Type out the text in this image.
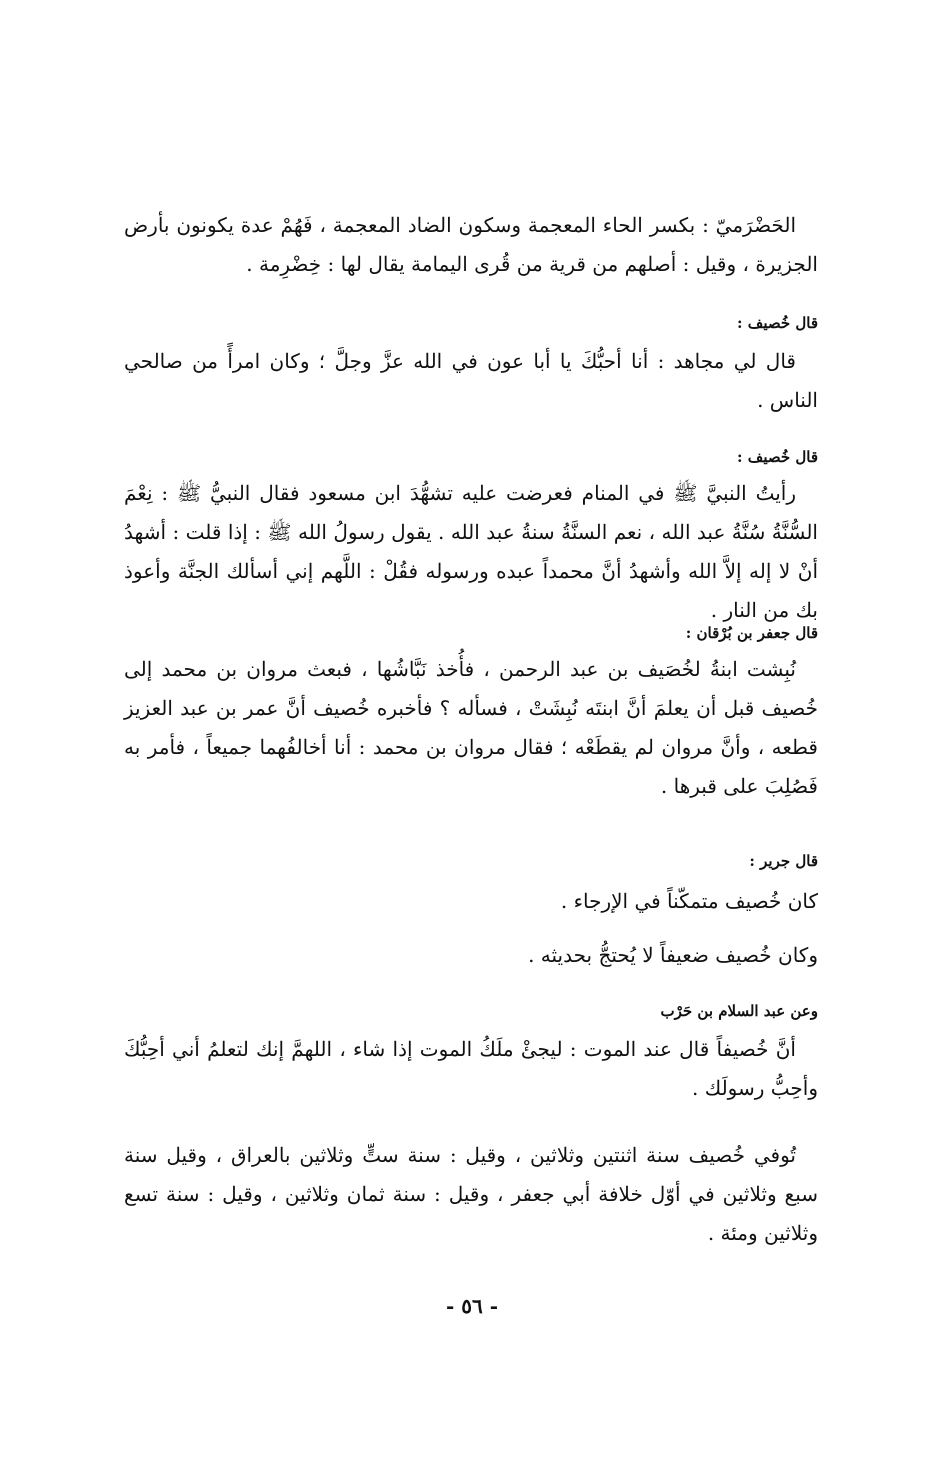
الحَضْرَميّ : بكسر الحاء المعجمة وسكون الضاد المعجمة ، فَهُمْ عدة يكونون بأرض الجزيرة ، وقيل : أصلهم من قرية من قُرى اليمامة يقال لها : خِضْرِمة .

قال خُصيف :

قال لي مجاهد : أنا أحبُّكَ يا أبا عون في الله عزَّ وجلَّ ؛ وكان امرأً من صالحي الناس .

قال خُصيف :

رأيتُ النبيَّ ﷺ في المنام فعرضت عليه تشهُّدَ ابن مسعود فقال النبيُّ ﷺ : نِعْمَ السُّنَّةُ سُنَّةُ عبد الله ، نعم السنَّةُ سنةُ عبد الله . يقول رسولُ الله ﷺ : إذا قلت : أشهدُ أنْ لا إله إلاَّ الله وأشهدُ أنَّ محمداً عبده ورسوله فقُلْ : اللَّهم إني أسألك الجنَّة وأعوذ بك من النار .

قال جعفر بن بُرْقان :

نُبِشت ابنةُ لخُصَيف بن عبد الرحمن ، فأُخذ نَبَّاشُها ، فبعث مروان بن محمد إلى خُصيف قبل أن يعلمَ أنَّ ابنتَه نُبِشَتْ ، فسأله ؟ فأخبره خُصيف أنَّ عمر بن عبد العزيز قطعه ، وأنَّ مروان لم يقطَعْه ؛ فقال مروان بن محمد : أنا أخالفُهما جميعاً ، فأمر به فَصُلِبَ على قبرها .

قال جرير :

كان خُصيف متمكّناً في الإرجاء .

وكان خُصيف ضعيفاً لا يُحتجُّ بحديثه .

وعن عبد السلام بن حَرْب

أنَّ خُصيفاً قال عند الموت : ليجئْ ملَكُ الموت إذا شاء ، اللهمَّ إنك لتعلمُ أني أحِبُّكَ وأحِبُّ رسولَك .

تُوفي خُصيف سنة اثنتين وثلاثين ، وقيل : سنة ستٍّ وثلاثين بالعراق ، وقيل سنة سبع وثلاثين في أوّل خلافة أبي جعفر ، وقيل : سنة ثمان وثلاثين ، وقيل : سنة تسع وثلاثين ومئة .

- ٥٦ -
